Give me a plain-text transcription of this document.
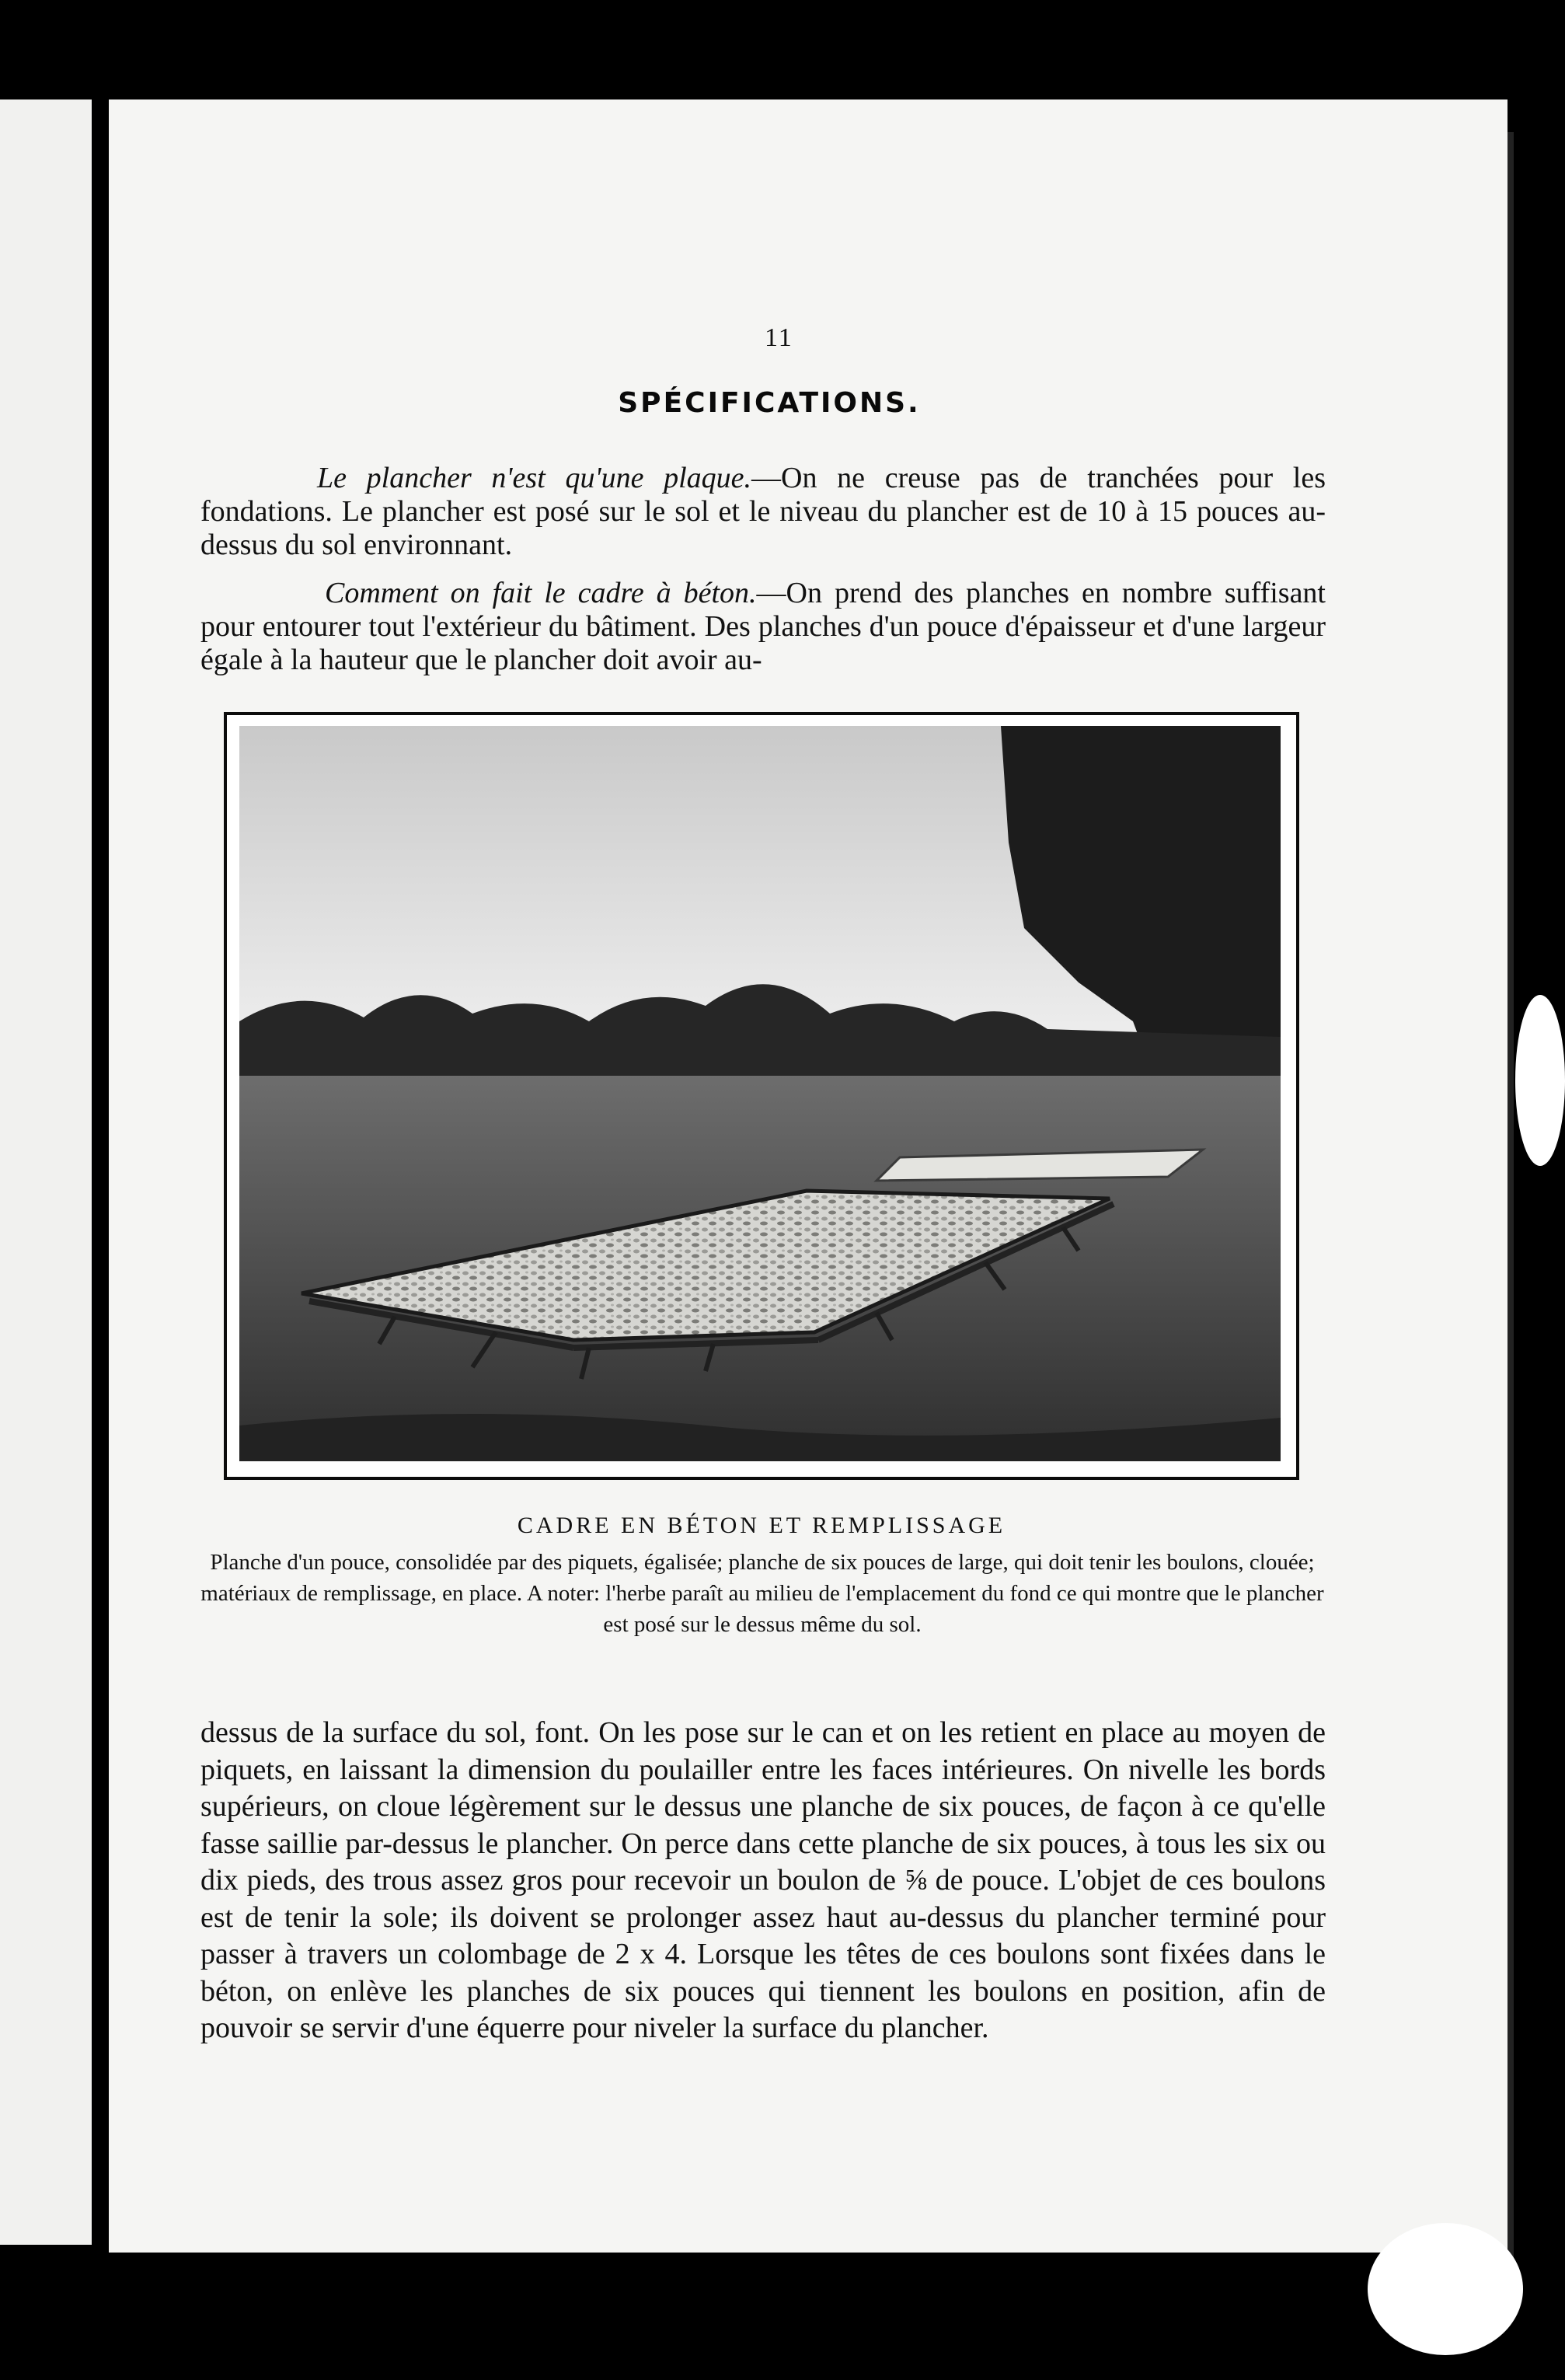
11
SPÉCIFICATIONS.

Le plancher n'est qu'une plaque.—On ne creuse pas de tranchées pour les fondations. Le plancher est posé sur le sol et le niveau du plancher est de 10 à 15 pouces au-dessus du sol environnant.

Comment on fait le cadre à béton.—On prend des planches en nombre suffisant pour entourer tout l'extérieur du bâtiment. Des planches d'un pouce d'épaisseur et d'une largeur égale à la hauteur que le plancher doit avoir au-

CADRE EN BÉTON ET REMPLISSAGE
Planche d'un pouce, consolidée par des piquets, égalisée; planche de six pouces de large, qui doit tenir les boulons, clouée; matériaux de remplissage, en place. A noter: l'herbe paraît au milieu de l'emplacement du fond ce qui montre que le plancher est posé sur le dessus même du sol.

dessus de la surface du sol, font. On les pose sur le can et on les retient en place au moyen de piquets, en laissant la dimension du poulailler entre les faces intérieures. On nivelle les bords supérieurs, on cloue légèrement sur le dessus une planche de six pouces, de façon à ce qu'elle fasse saillie par-dessus le plancher. On perce dans cette planche de six pouces, à tous les six ou dix pieds, des trous assez gros pour recevoir un boulon de ⅝ de pouce. L'objet de ces boulons est de tenir la sole; ils doivent se prolonger assez haut au-dessus du plancher terminé pour passer à travers un colombage de 2 x 4. Lorsque les têtes de ces boulons sont fixées dans le béton, on enlève les planches de six pouces qui tiennent les boulons en position, afin de pouvoir se servir d'une équerre pour niveler la surface du plancher.
